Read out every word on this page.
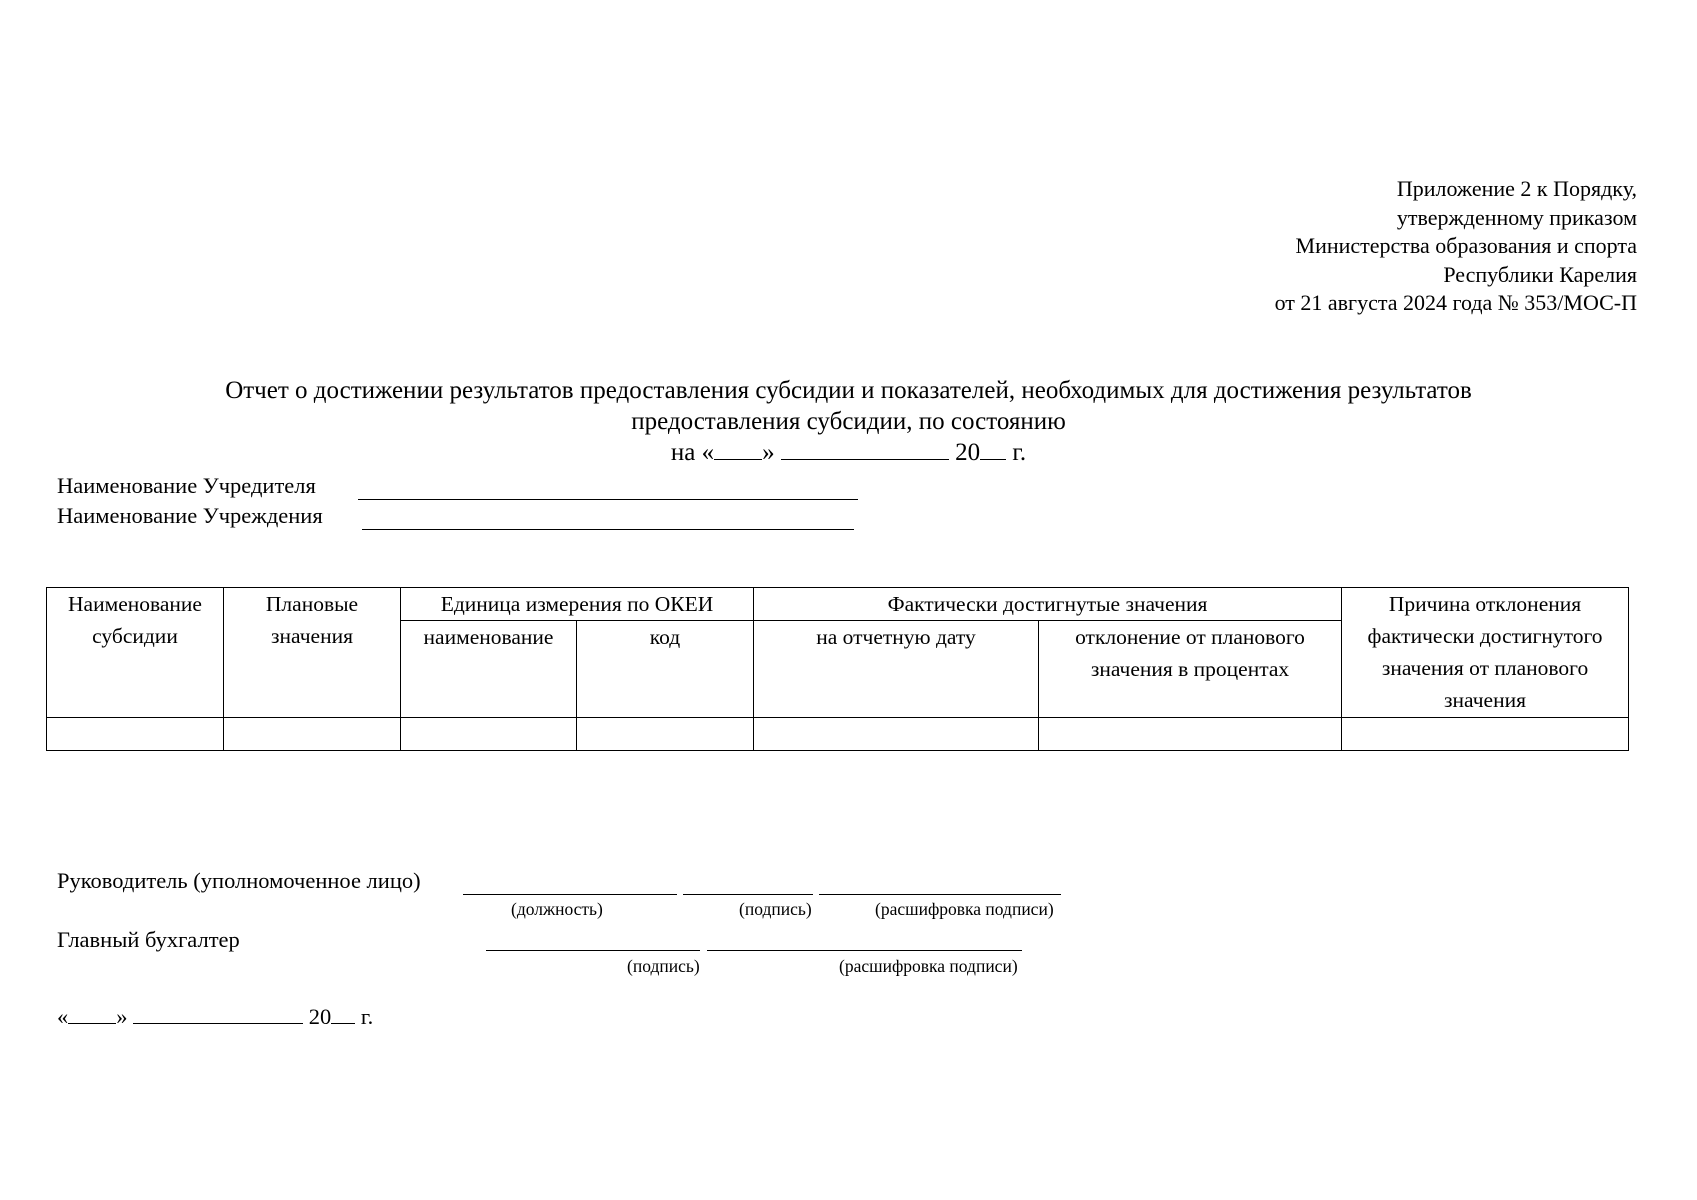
Приложение 2 к Порядку,
утвержденному приказом
Министерства образования и спорта
Республики Карелия
от 21 августа 2024 года № 353/МОС-П
Отчет о достижении результатов предоставления субсидии и показателей, необходимых для достижения результатов
предоставления субсидии, по состоянию
на « »	20 г.
Наименование Учредителя
Наименование Учреждения
Наименование субсидии	Плановые значения	Единица измерения по ОКЕИ		Фактически достигнутые значения		Причина отклонения фактически достигнутого значения от планового значения
		наименование	код	на отчетную дату	отклонение от планового значения в процентах	

Руководитель (уполномоченное лицо)
(должность)	(подпись)	(расшифровка подписи)
Главный бухгалтер
(подпись)	(расшифровка подписи)
« »	20 г.
